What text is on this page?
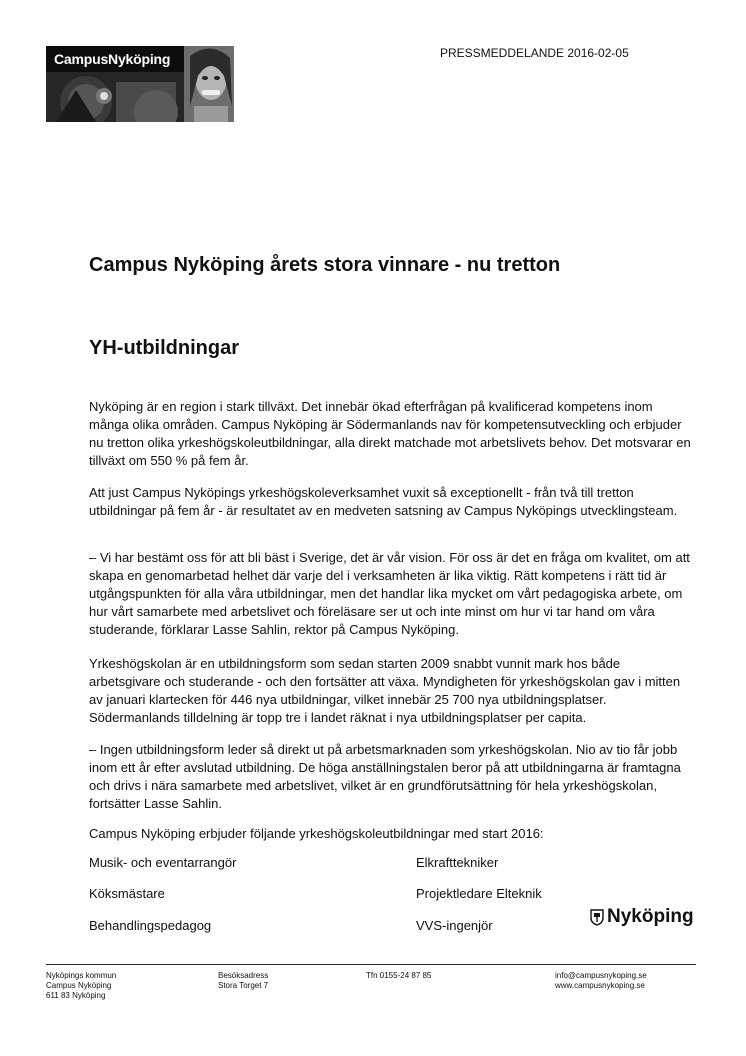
CampusNyköping	PRESSMEDDELANDE 2016-02-05
Campus Nyköping årets stora vinnare - nu tretton
YH-utbildningar

Nyköping är en region i stark tillväxt. Det innebär ökad efterfrågan på kvalificerad kompetens inom många olika områden. Campus Nyköping är Södermanlands nav för kompetensutveckling och erbjuder nu tretton olika yrkeshögskoleutbildningar, alla direkt matchade mot arbetslivets behov. Det motsvarar en tillväxt om 550 % på fem år.

Att just Campus Nyköpings yrkeshögskoleverksamhet vuxit så exceptionellt - från två till tretton utbildningar på fem år - är resultatet av en medveten satsning av Campus Nyköpings utvecklingsteam.

– Vi har bestämt oss för att bli bäst i Sverige, det är vår vision. För oss är det en fråga om kvalitet, om att skapa en genomarbetad helhet där varje del i verksamheten är lika viktig. Rätt kompetens i rätt tid är utgångspunkten för alla våra utbildningar, men det handlar lika mycket om vårt pedagogiska arbete, om hur vårt samarbete med arbetslivet och föreläsare ser ut och inte minst om hur vi tar hand om våra studerande, förklarar Lasse Sahlin, rektor på Campus Nyköping.

Yrkeshögskolan är en utbildningsform som sedan starten 2009 snabbt vunnit mark hos både arbetsgivare och studerande - och den fortsätter att växa. Myndigheten för yrkeshögskolan gav i mitten av januari klartecken för 446 nya utbildningar, vilket innebär 25 700 nya utbildningsplatser. Södermanlands tilldelning är topp tre i landet räknat i nya utbildningsplatser per capita.

– Ingen utbildningsform leder så direkt ut på arbetsmarknaden som yrkeshögskolan. Nio av tio får jobb inom ett år efter avslutad utbildning. De höga anställningstalen beror på att utbildningarna är framtagna och drivs i nära samarbete med arbetslivet, vilket är en grundförutsättning för hela yrkeshögskolan, fortsätter Lasse Sahlin.

Campus Nyköping erbjuder följande yrkeshögskoleutbildningar med start 2016:

Musik- och eventarrangör
Köksmästare
Behandlingspedagog
Elkrafttekniker
Projektledare Elteknik
VVS-ingenjör	Nyköping
Nyköpings kommun
Campus Nyköping
611 83 Nyköping
Besöksadress
Stora Torget 7
Tfn 0155-24 87 85	info@campusnykoping.se
www.campusnykoping.se
